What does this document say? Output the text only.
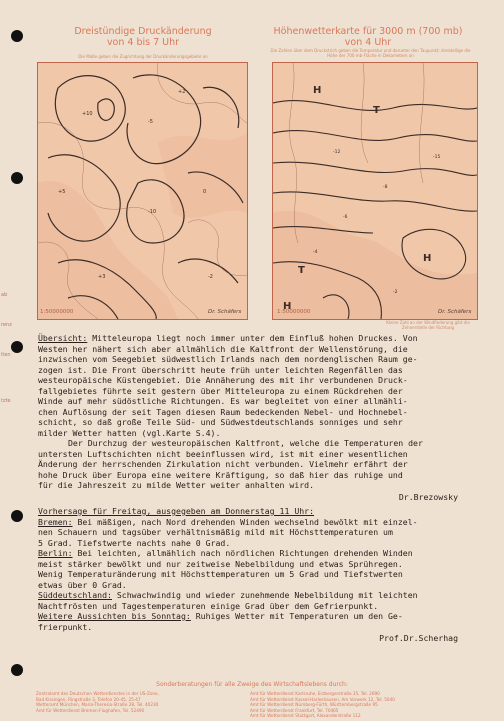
ab
renz
iten
tzte
Dreistündige Druckänderung
von 4 bis 7 Uhr
Die Maße geben die Zugrichtung der Druckänderungsgebiete an
+10
-5
+5
-10
0
+3	-2
+2
1:50000000	Dr. Schäfers
Höhenwetterkarte für 3000 m (700 mb)
von 4 Uhr
Die Zahlen über dem Druckstrich geben die Temperatur und darunter den Taupunkt; dreistellige die Höhe der 700 mb-Fläche in Dekametern an
H
T
H
T
H
-12
-8
-15
-6
-4
-2
1:50000000	Dr. Schäfers
Kleine Zahl an der Windfiederung gibt die Zehnerstelle der Richtung

Übersicht: Mitteleuropa liegt noch immer unter dem Einfluß hohen Druckes. Von

Westen her nähert sich aber allmählich die Kaltfront der Wellenstörung, die

inzwischen vom Seegebiet südwestlich Irlands nach dem nordenglischen Raum ge-

zogen ist. Die Front überschritt heute früh unter leichten Regenfällen das

westeuropäische Küstengebiet. Die Annäherung des mit ihr verbundenen Druck-

fallgebietes führte seit gestern über Mitteleuropa zu einem Rückdrehen der

Winde auf mehr südöstliche Richtungen. Es war begleitet von einer allmähli-

chen Auflösung der seit Tagen diesen Raum bedeckenden Nebel- und Hochnebel-

schicht, so daß große Teile Süd- und Südwestdeutschlands sonniges und sehr

milder Wetter hatten (vgl.Karte S.4).

Der Durchzug der westeuropäischen Kaltfront, welche die Temperaturen der

untersten Luftschichten nicht beeinflussen wird, ist mit einer wesentlichen

Änderung der herrschenden Zirkulation nicht verbunden. Vielmehr erfährt der

hohe Druck über Europa eine weitere Kräftigung, so daß hier das ruhige und

für die Jahreszeit zu milde Wetter weiter anhalten wird.

Dr.Brezowsky

Vorhersage für Freitag, ausgegeben am Donnerstag 11 Uhr:

Bremen: Bei mäßigen, nach Nord drehenden Winden wechselnd bewölkt mit einzel-

nen Schauern und tagsüber verhältnismäßig mild mit Höchsttemperaturen um

5 Grad. Tiefstwerte nachts nahe 0 Grad.

Berlin: Bei leichten, allmählich nach nördlichen Richtungen drehenden Winden

meist stärker bewölkt und nur zeitweise Nebelbildung und etwas Sprühregen.

Wenig Temperaturänderung mit Höchsttemperaturen um 5 Grad und Tiefstwerten

etwas über 0 Grad.

Süddeutschland: Schwachwindig und wieder zunehmende Nebelbildung mit leichten

Nachtfrösten und Tagestemperaturen einige Grad über dem Gefrierpunkt.

Weitere Aussichten bis Sonntag: Ruhiges Wetter mit Temperaturen um den Ge-

frierpunkt.

Prof.Dr.Scherhag

Sonderberatungen für alle Zweige des Wirtschaftslebens durch:
Zentralamt des Deutschen Wetterdienstes in der US-Zone,
Bad Kissingen, Ringstraße 3, Telefon 20-45, 25-47
Wetteramt München, Maria-Theresia-Straße 28, Tel. 40230
Amt für Wetterdienst Bremen-Flughafen, Tel. 52490
Amt für Wetterdienst Karlsruhe, Erzbergerstraße 35, Tel. 2690
Amt für Wetterdienst Kassel-Harleshausen, Am Vorwerk 12, Tel. 5040
Amt für Wetterdienst Nürnberg-Fürth, Württembergstraße 95
Amt für Wetterdienst Frankfurt, Tel. 70465
Amt für Wetterdienst Stuttgart, Alexanderstraße 112
